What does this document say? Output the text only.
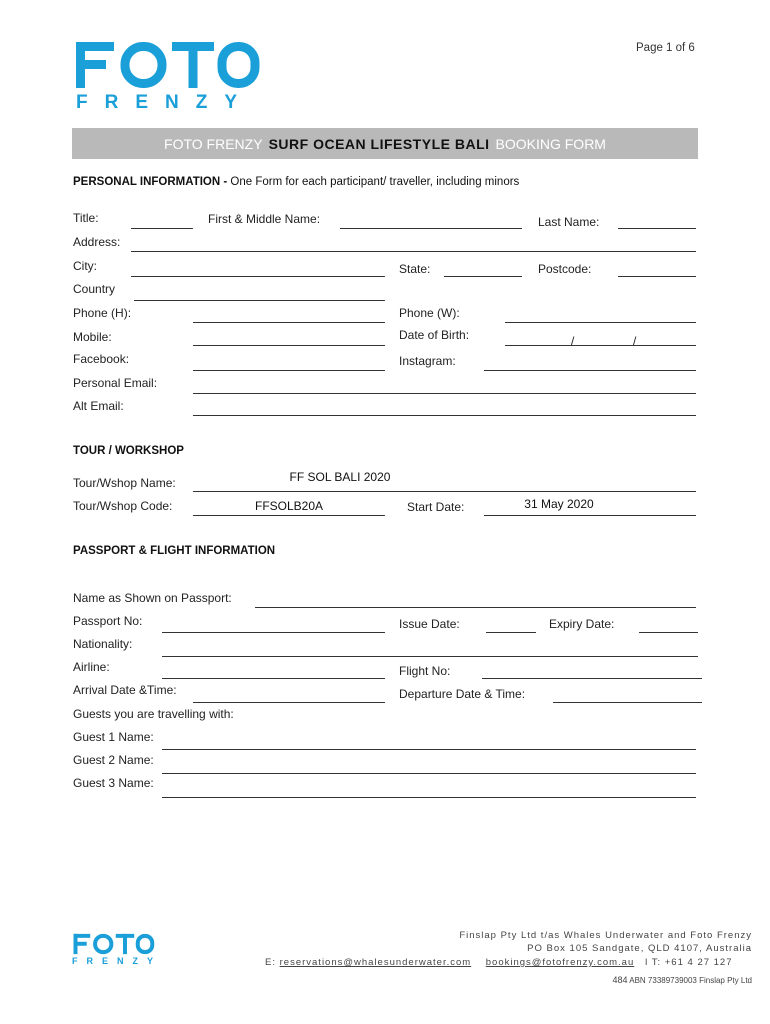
FRENZY
Page 1 of 6
FOTO FRENZY SURF OCEAN LIFESTYLE BALI BOOKING FORM
PERSONAL INFORMATION - One Form for each participant/ traveller, including minors
Title:	First & Middle Name:	Last Name:
Address:
City:	State:	Postcode:
Country
Phone (H):	Phone (W):
Mobile:	Date of Birth:	/	/
Facebook:	Instagram:
Personal Email:
Alt Email:
TOUR / WORKSHOP
Tour/Wshop Name:	FF SOL BALI 2020
Tour/Wshop Code:	FFSOLB20A	Start Date:	31 May 2020
PASSPORT & FLIGHT INFORMATION
Name as Shown on Passport:
Passport No:	Issue Date:	Expiry Date:
Nationality:
Airline:	Flight No:
Arrival Date &Time:	Departure Date & Time:
Guests you are travelling with:
Guest 1 Name:
Guest 2 Name:
Guest 3 Name:
FRENZY
Finslap Pty Ltd t/as Whales Underwater and Foto Frenzy
PO Box 105 Sandgate, QLD 4107, Australia
E: reservations@whalesunderwater.com bookings@fotofrenzy.com.au l T: +61 4 27 127
484 ABN 73389739003 Finslap Pty Ltd
